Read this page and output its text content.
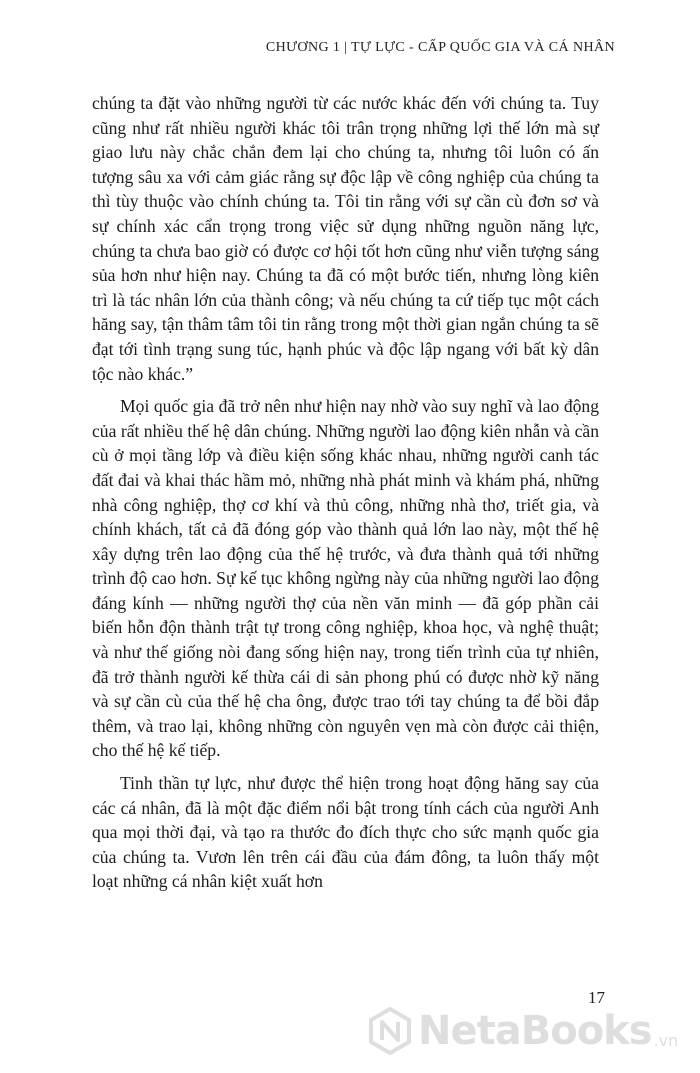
CHƯƠNG 1 | TỰ LỰC - CẤP QUỐC GIA VÀ CÁ NHÂN

chúng ta đặt vào những người từ các nước khác đến với chúng ta. Tuy cũng như rất nhiều người khác tôi trân trọng những lợi thế lớn mà sự giao lưu này chắc chắn đem lại cho chúng ta, nhưng tôi luôn có ấn tượng sâu xa với cảm giác rằng sự độc lập về công nghiệp của chúng ta thì tùy thuộc vào chính chúng ta. Tôi tin rằng với sự cần cù đơn sơ và sự chính xác cẩn trọng trong việc sử dụng những nguồn năng lực, chúng ta chưa bao giờ có được cơ hội tốt hơn cũng như viễn tượng sáng sủa hơn như hiện nay. Chúng ta đã có một bước tiến, nhưng lòng kiên trì là tác nhân lớn của thành công; và nếu chúng ta cứ tiếp tục một cách hăng say, tận thâm tâm tôi tin rằng trong một thời gian ngắn chúng ta sẽ đạt tới tình trạng sung túc, hạnh phúc và độc lập ngang với bất kỳ dân tộc nào khác.”

Mọi quốc gia đã trở nên như hiện nay nhờ vào suy nghĩ và lao động của rất nhiều thế hệ dân chúng. Những người lao động kiên nhẫn và cần cù ở mọi tầng lớp và điều kiện sống khác nhau, những người canh tác đất đai và khai thác hầm mỏ, những nhà phát minh và khám phá, những nhà công nghiệp, thợ cơ khí và thủ công, những nhà thơ, triết gia, và chính khách, tất cả đã đóng góp vào thành quả lớn lao này, một thế hệ xây dựng trên lao động của thế hệ trước, và đưa thành quả tới những trình độ cao hơn. Sự kế tục không ngừng này của những người lao động đáng kính — những người thợ của nền văn minh — đã góp phần cải biến hỗn độn thành trật tự trong công nghiệp, khoa học, và nghệ thuật; và như thế giống nòi đang sống hiện nay, trong tiến trình của tự nhiên, đã trở thành người kế thừa cái di sản phong phú có được nhờ kỹ năng và sự cần cù của thế hệ cha ông, được trao tới tay chúng ta để bồi đắp thêm, và trao lại, không những còn nguyên vẹn mà còn được cải thiện, cho thế hệ kế tiếp.

Tinh thần tự lực, như được thể hiện trong hoạt động hăng say của các cá nhân, đã là một đặc điểm nổi bật trong tính cách của người Anh qua mọi thời đại, và tạo ra thước đo đích thực cho sức mạnh quốc gia của chúng ta. Vươn lên trên cái đầu của đám đông, ta luôn thấy một loạt những cá nhân kiệt xuất hơn

17
NetaBooks .vn
